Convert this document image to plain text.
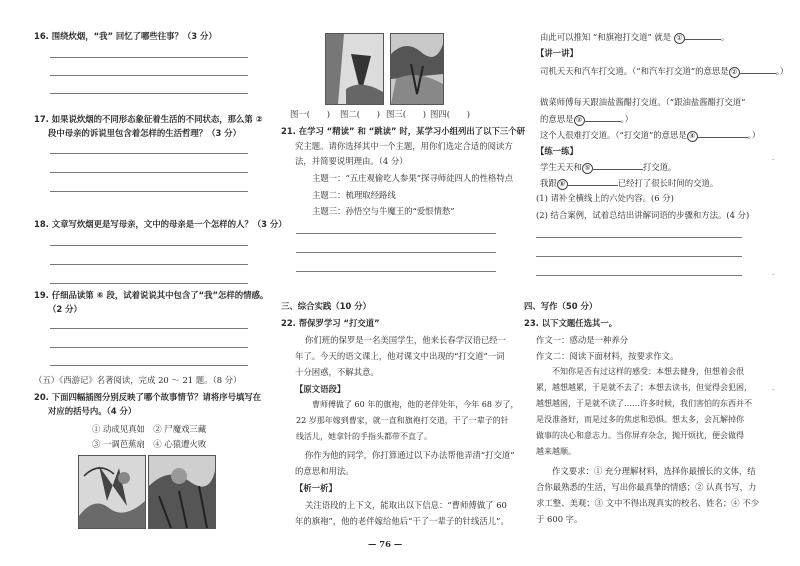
16. 围绕炊烟，“我” 回忆了哪些往事？（3 分）
17. 如果说炊烟的不同形态象征着生活的不同状态，那么第 ②
段中母亲的诉说里包含着怎样的生活哲理？（3 分）
18. 文章写炊烟更是写母亲，文中的母亲是一个怎样的人？（3 分）
19. 仔细品读第 ⑥ 段，试着说说其中包含了“我”怎样的情感。
（2 分）
（五）《西游记》名著阅读，完成 20 ～ 21 题。（8 分）
20. 下面四幅插图分别反映了哪个故事情节？请将序号填写在
对应的括号内。（4 分）
① 动成见真如　② 尸魔戏三藏
③ 一调芭蕉扇　④ 心猿遭火败
图一(　　) 图二(　　) 图三(　　) 图四(　　)
21. 在学习 “精读” 和 “跳读” 时，某学习小组列出了以下三个研
究主题。请你选择其中一个主题，用你们选定合适的阅读方
法，并简要说明理由。（4 分）
主题一：“五庄观偷吃人参果”探寻师徒四人的性格特点
主题二：梳理取经路线
主题三：孙悟空与牛魔王的“爱恨情愁”
三、综合实践（10 分）
22. 帮保罗学习 “打交道”
你们班的保罗是一名美国学生，他来长春学汉语已经一
年了。今天的语文课上，他对课文中出现的“打交道”一词
十分困惑，不解其意。
【原文语段】
曹师傅做了 60 年的旗袍，他的老伴处年，今年 68 岁了，
22 岁那年嫁到曹家，就一直和旗袍打交道，干了一辈子的针
线活儿，她拿针的手指头都带不直了。
你作为他的同学，你打算通过以下办法帮他弄清“打交道”
的意思和用法。
【析一析】
关注语段的上下文，能取出以下信息：“曹师傅做了 60
年的旗袍”，他的老伴嫁给他后“干了一辈子的针线活儿”。
— 76 —
由此可以推知 “和旗袍打交道” 就是 ①	。
【讲一讲】
司机天天和汽车打交道。（“和汽车打交道”的意思是 ②	。）
做菜师傅每天跟油盐酱醋打交道。（“跟油盐酱醋打交道”
的意思是 ③	。）
这个人很难打交道。（“打交道”的意思是 ④	。）
【练一练】
学生天天和 ⑤	打交道。
我跟 ⑥	已经打了很长时间的交道。
(1) 请补全横线上的六处内容。(6 分)
(2) 结合案例，试着总结出讲解词语的步骤和方法。(4 分)
四、写作（50 分）
23. 以下文题任选其一。
作文一：感动是一种养分
作文二：阅读下面材料，按要求作文。
不知你是否有过这样的感受：本想去健身，但想着会很
累，越想越累，于是就不去了；本想去读书，但觉得会犯困，
越想越困，于是就不读了……许多时候，我们害怕的东西并不
是没准备好，而是过多的焦虑和恐惧。想太多，会瓦解掉你
做事的决心和意志力。当你屏弃杂念，抛开烦扰，便会做得
越来越顺。
作文要求：① 充分理解材料，选择你最擅长的文体，结
合你最熟悉的生活，写出你最真挚的情感；② 认真书写，力
求工整、美观；③ 文中不得出现真实的校名、姓名；④ 不少
于 600 字。
·
·
·
